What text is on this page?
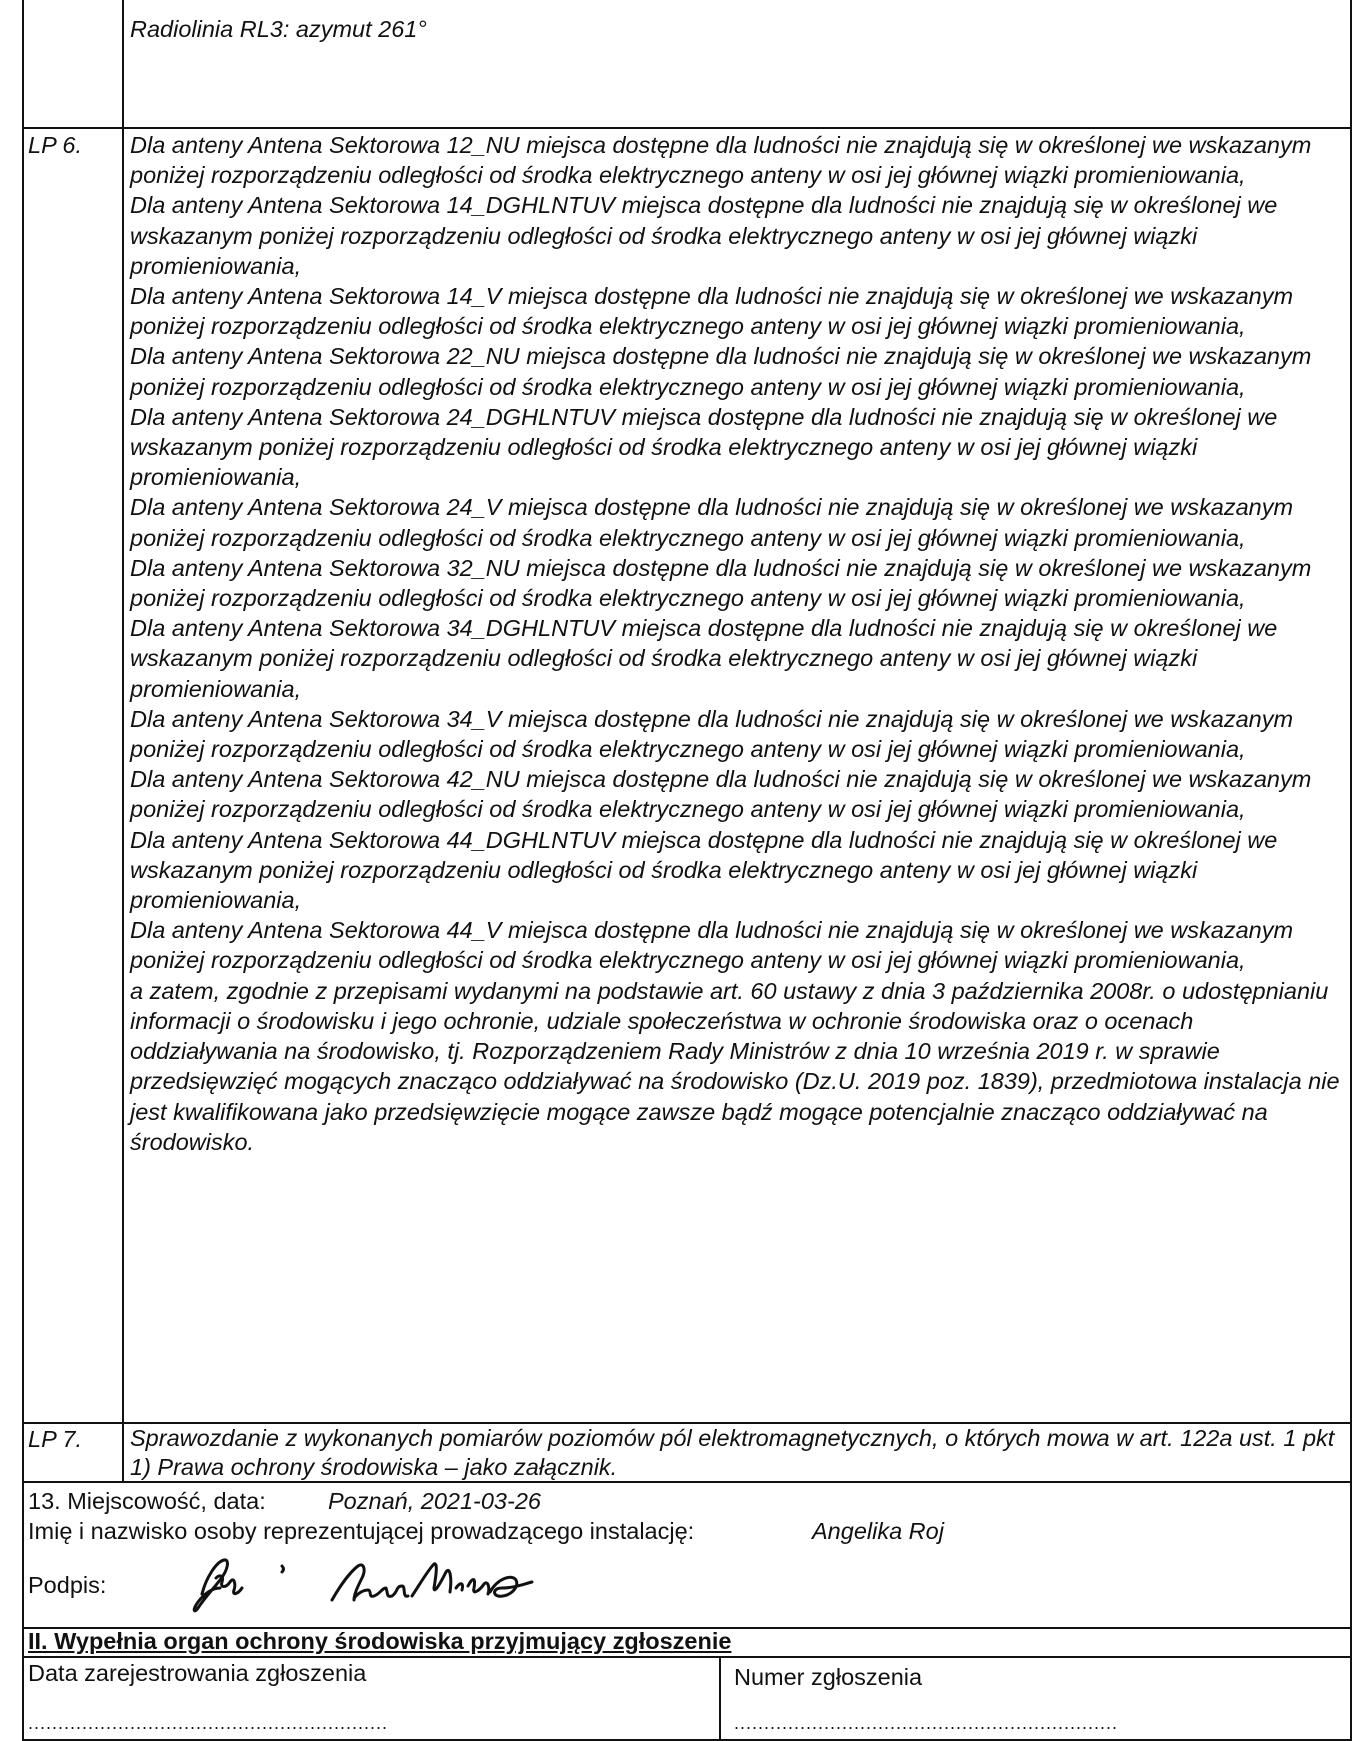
Radiolinia RL3: azymut 261°
LP 6.	Dla anteny Antena Sektorowa 12_NU miejsca dostępne dla ludności nie znajdują się w określonej we wskazanym poniżej rozporządzeniu odległości od środka elektrycznego anteny w osi jej głównej wiązki promieniowania,

Dla anteny Antena Sektorowa 14_DGHLNTUV miejsca dostępne dla ludności nie znajdują się w określonej we wskazanym poniżej rozporządzeniu odległości od środka elektrycznego anteny w osi jej głównej wiązki promieniowania,

Dla anteny Antena Sektorowa 14_V miejsca dostępne dla ludności nie znajdują się w określonej we wskazanym poniżej rozporządzeniu odległości od środka elektrycznego anteny w osi jej głównej wiązki promieniowania,

Dla anteny Antena Sektorowa 22_NU miejsca dostępne dla ludności nie znajdują się w określonej we wskazanym poniżej rozporządzeniu odległości od środka elektrycznego anteny w osi jej głównej wiązki promieniowania,

Dla anteny Antena Sektorowa 24_DGHLNTUV miejsca dostępne dla ludności nie znajdują się w określonej we wskazanym poniżej rozporządzeniu odległości od środka elektrycznego anteny w osi jej głównej wiązki promieniowania,

Dla anteny Antena Sektorowa 24_V miejsca dostępne dla ludności nie znajdują się w określonej we wskazanym poniżej rozporządzeniu odległości od środka elektrycznego anteny w osi jej głównej wiązki promieniowania,

Dla anteny Antena Sektorowa 32_NU miejsca dostępne dla ludności nie znajdują się w określonej we wskazanym poniżej rozporządzeniu odległości od środka elektrycznego anteny w osi jej głównej wiązki promieniowania,

Dla anteny Antena Sektorowa 34_DGHLNTUV miejsca dostępne dla ludności nie znajdują się w określonej we wskazanym poniżej rozporządzeniu odległości od środka elektrycznego anteny w osi jej głównej wiązki promieniowania,

Dla anteny Antena Sektorowa 34_V miejsca dostępne dla ludności nie znajdują się w określonej we wskazanym poniżej rozporządzeniu odległości od środka elektrycznego anteny w osi jej głównej wiązki promieniowania,

Dla anteny Antena Sektorowa 42_NU miejsca dostępne dla ludności nie znajdują się w określonej we wskazanym poniżej rozporządzeniu odległości od środka elektrycznego anteny w osi jej głównej wiązki promieniowania,

Dla anteny Antena Sektorowa 44_DGHLNTUV miejsca dostępne dla ludności nie znajdują się w określonej we wskazanym poniżej rozporządzeniu odległości od środka elektrycznego anteny w osi jej głównej wiązki promieniowania,

Dla anteny Antena Sektorowa 44_V miejsca dostępne dla ludności nie znajdują się w określonej we wskazanym poniżej rozporządzeniu odległości od środka elektrycznego anteny w osi jej głównej wiązki promieniowania,

a zatem, zgodnie z przepisami wydanymi na podstawie art. 60 ustawy z dnia 3 października 2008r. o udostępnianiu informacji o środowisku i jego ochronie, udziale społeczeństwa w ochronie środowiska oraz o ocenach oddziaływania na środowisko, tj. Rozporządzeniem Rady Ministrów z dnia 10 września 2019 r. w sprawie przedsięwzięć mogących znacząco oddziaływać na środowisko (Dz.U. 2019 poz. 1839), przedmiotowa instalacja nie jest kwalifikowana jako przedsięwzięcie mogące zawsze bądź mogące potencjalnie znacząco oddziaływać na środowisko.

LP 7.	Sprawozdanie z wykonanych pomiarów poziomów pól elektromagnetycznych, o których mowa w art. 122a ust. 1 pkt 1) Prawa ochrony środowiska – jako załącznik.
13. Miejscowość, data:	Poznań, 2021-03-26
Imię i nazwisko osoby reprezentującej prowadzącego instalację:	Angelika Roj
Podpis:
II. Wypełnia organ ochrony środowiska przyjmujący zgłoszenie
Data zarejestrowania zgłoszenia
............................................................
Numer zgłoszenia
................................................................
